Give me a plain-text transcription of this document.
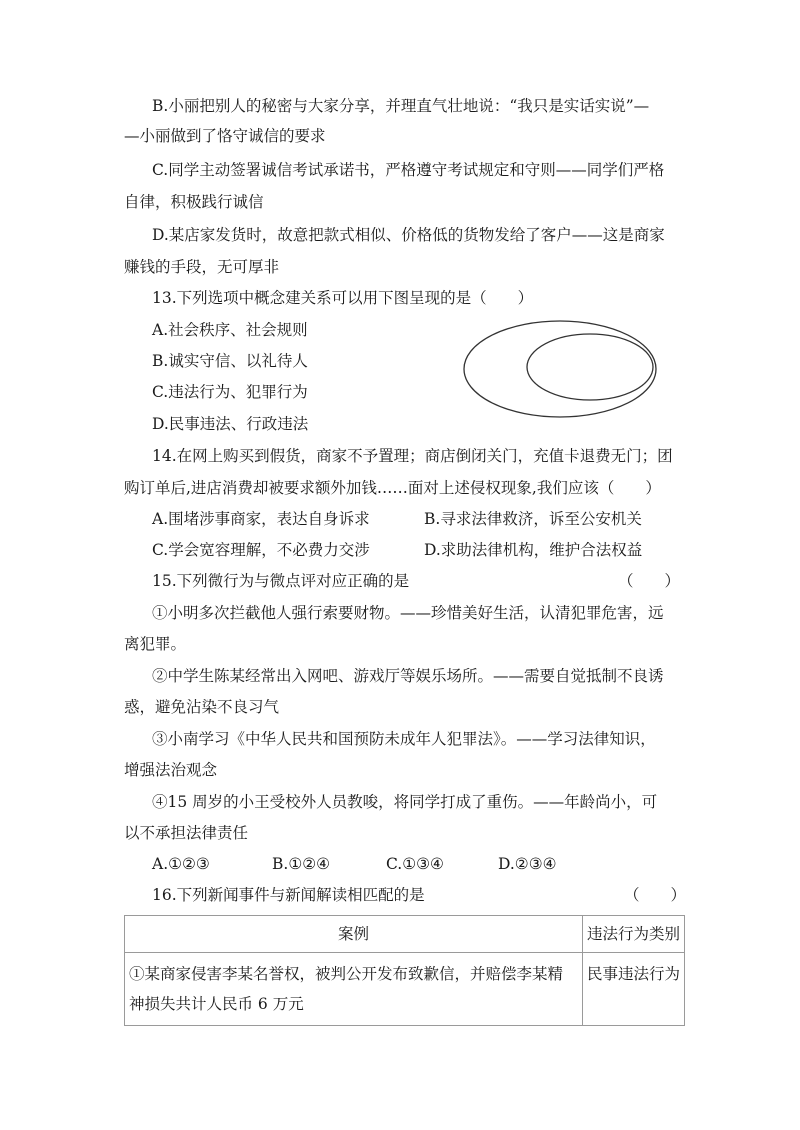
B.小丽把别人的秘密与大家分享，并理直气壮地说：“我只是实话实说”—
—小丽做到了恪守诚信的要求
C.同学主动签署诚信考试承诺书，严格遵守考试规定和守则——同学们严格
自律，积极践行诚信
D.某店家发货时，故意把款式相似、价格低的货物发给了客户——这是商家
赚钱的手段，无可厚非
13.下列选项中概念建关系可以用下图呈现的是（　　）
A.社会秩序、社会规则
B.诚实守信、以礼待人
C.违法行为、犯罪行为
D.民事违法、行政违法
14.在网上购买到假货，商家不予置理；商店倒闭关门，充值卡退费无门；团
购订单后,进店消费却被要求额外加钱……面对上述侵权现象,我们应该（　　）
A.围堵涉事商家，表达自身诉求	B.寻求法律救济，诉至公安机关
C.学会宽容理解，不必费力交涉	D.求助法律机构，维护合法权益
15.下列微行为与微点评对应正确的是	（　　）
①小明多次拦截他人强行索要财物。——珍惜美好生活，认清犯罪危害，远
离犯罪。
②中学生陈某经常出入网吧、游戏厅等娱乐场所。——需要自觉抵制不良诱
惑，避免沾染不良习气
③小南学习《中华人民共和国预防未成年人犯罪法》。——学习法律知识，
增强法治观念
④15 周岁的小王受校外人员教唆，将同学打成了重伤。——年龄尚小，可
以不承担法律责任
A.①②③	B.①②④	C.①③④	D.②③④
16.下列新闻事件与新闻解读相匹配的是	（　　）
案例	违法行为类别
①某商家侵害李某名誉权，被判公开发布致歉信，并赔偿李某精神损失共计人民币 6 万元	民事违法行为
